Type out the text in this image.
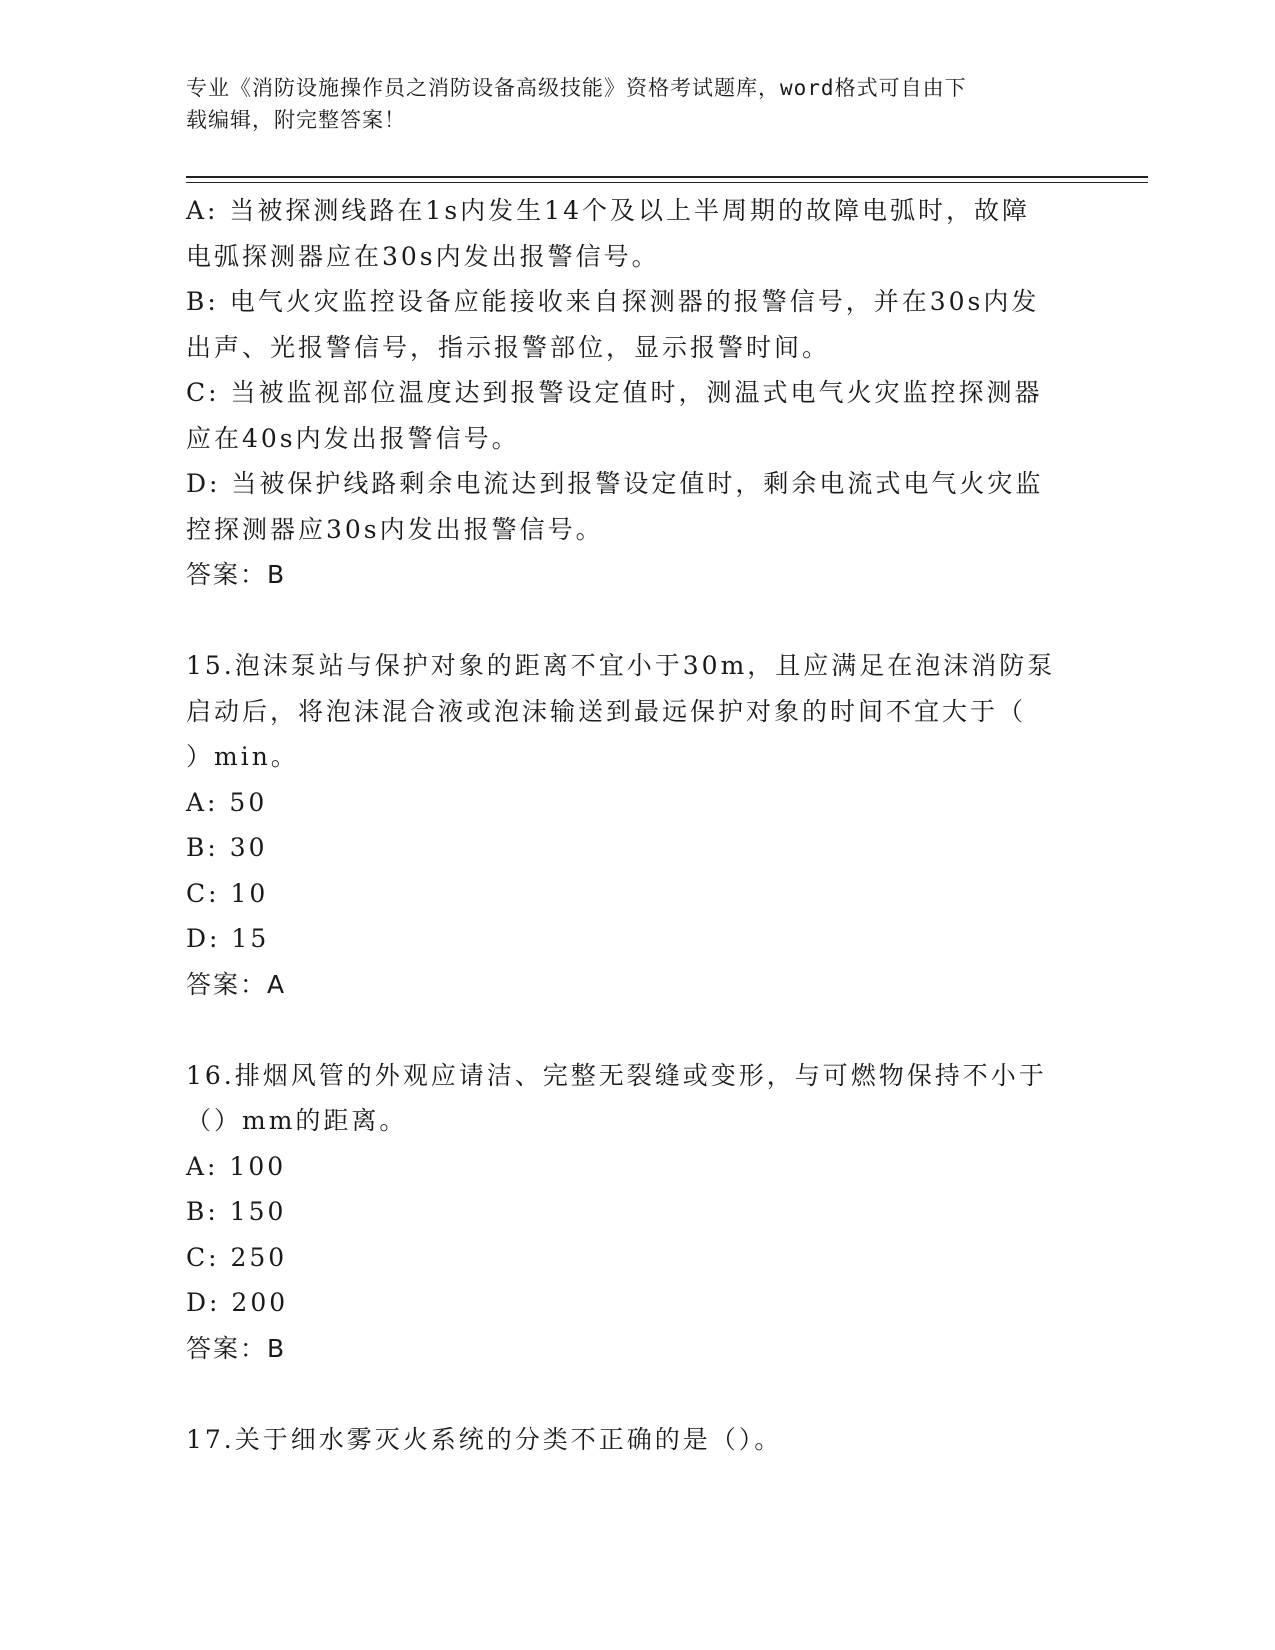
专业《消防设施操作员之消防设备高级技能》资格考试题库，word格式可自由下
载编辑，附完整答案！
A: 当被探测线路在1s内发生14个及以上半周期的故障电弧时，故障
电弧探测器应在30s内发出报警信号。
B: 电气火灾监控设备应能接收来自探测器的报警信号，并在30s内发
出声、光报警信号，指示报警部位，显示报警时间。
C: 当被监视部位温度达到报警设定值时，测温式电气火灾监控探测器
应在40s内发出报警信号。
D: 当被保护线路剩余电流达到报警设定值时，剩余电流式电气火灾监
控探测器应30s内发出报警信号。
答案：B
15.泡沫泵站与保护对象的距离不宜小于30m，且应满足在泡沫消防泵
启动后，将泡沫混合液或泡沫输送到最远保护对象的时间不宜大于（
）min。
A: 50
B: 30
C: 10
D: 15
答案：A
16.排烟风管的外观应请洁、完整无裂缝或变形，与可燃物保持不小于
（）mm的距离。
A: 100
B: 150
C: 250
D: 200
答案：B
17.关于细水雾灭火系统的分类不正确的是（）。
